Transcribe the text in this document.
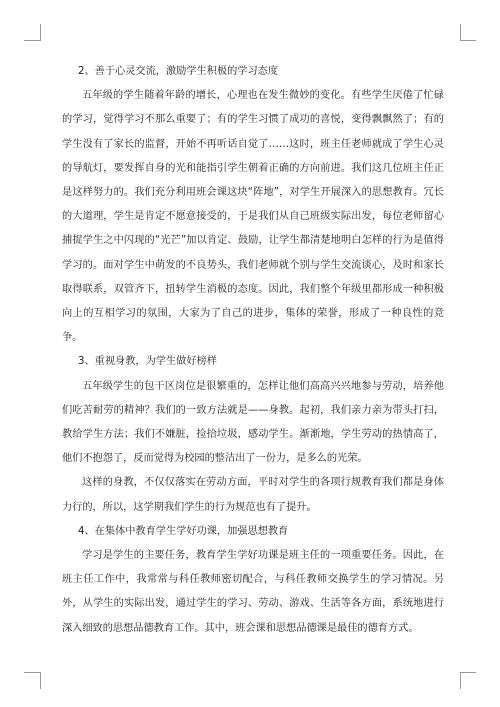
2、善于心灵交流，激励学生积极的学习态度

五年级的学生随着年龄的增长，心理也在发生微妙的变化。有些学生厌倦了忙碌的学习，觉得学习不那么重要了；有的学生习惯了成功的喜悦，变得飘飘然了；有的学生没有了家长的监督，开始不再听话自觉了……这时，班主任老师就成了学生心灵的导航灯，要发挥自身的光和能指引学生朝着正确的方向前进。我们这几位班主任正是这样努力的。我们充分利用班会课这块“阵地”，对学生开展深入的思想教育。冗长的大道理，学生是肯定不愿意接受的，于是我们从自己班级实际出发，每位老师留心捕捉学生之中闪现的“光芒”加以肯定、鼓励，让学生都清楚地明白怎样的行为是值得学习的。面对学生中萌发的不良势头，我们老师就个别与学生交流谈心，及时和家长取得联系，双管齐下，扭转学生消极的态度。因此，我们整个年级里都形成一种积极向上的互相学习的氛围，大家为了自己的进步，集体的荣誉，形成了一种良性的竞争。

3、重视身教，为学生做好榜样

五年级学生的包干区岗位是很繁重的，怎样让他们高高兴兴地参与劳动，培养他们吃苦耐劳的精神？我们的一致方法就是——身教。起初，我们亲力亲为带头打扫，教给学生方法；我们不嫌脏，捡拾垃圾，感动学生。渐渐地，学生劳动的热情高了，他们不抱怨了，反而觉得为校园的整洁出了一份力，是多么的光荣。

这样的身教，不仅仅落实在劳动方面，平时对学生的各项行规教育我们都是身体力行的，所以，这学期我们学生的行为规范也有了提升。

4、在集体中教育学生学好功课，加强思想教育

学习是学生的主要任务，教育学生学好功课是班主任的一项重要任务。因此，在班主任工作中，我常常与科任教师密切配合，与科任教师交换学生的学习情况。另外，从学生的实际出发，通过学生的学习、劳动、游戏、生活等各方面，系统地进行深入细致的思想品德教育工作。其中，班会课和思想品德课是最佳的德育方式。
